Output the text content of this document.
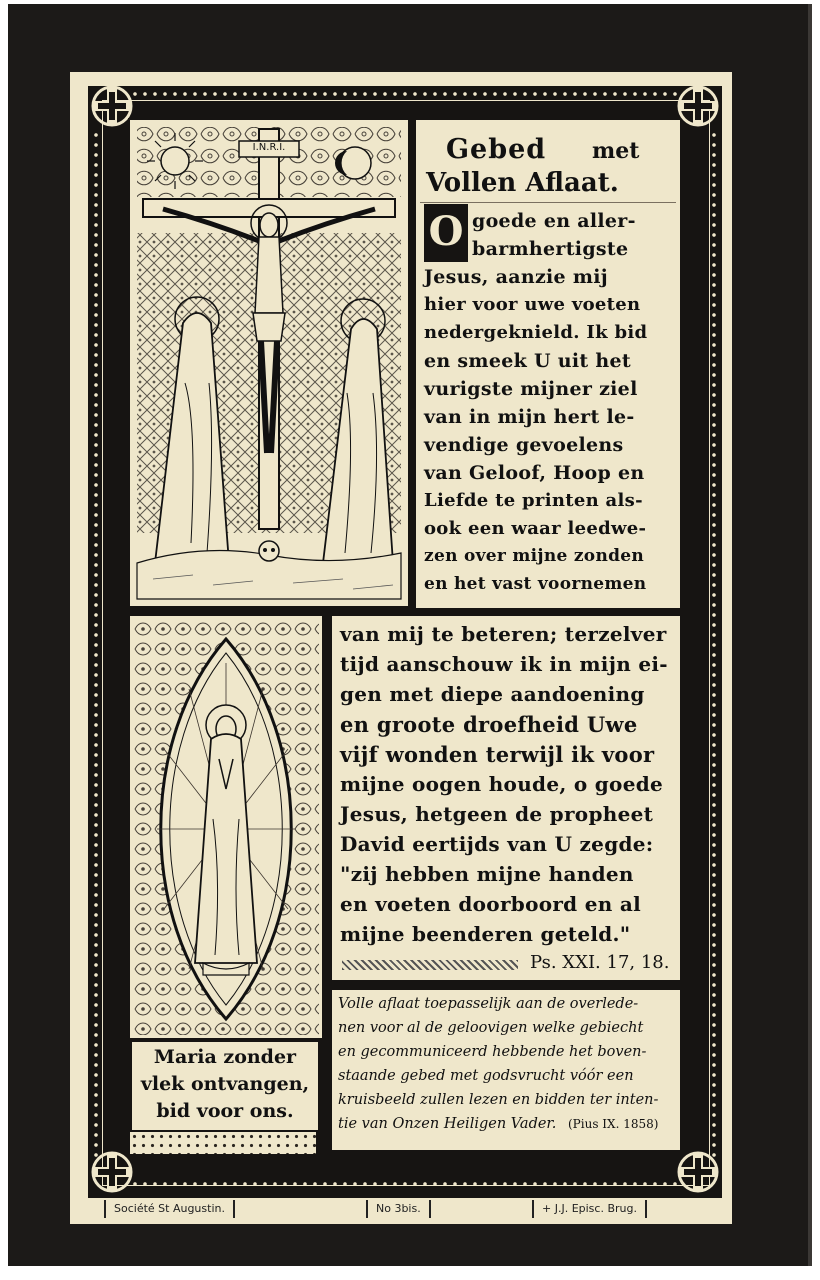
I.N.R.I.
Maria zonder
vlek ontvangen,
bid voor ons.
Gebed met
Vollen Aflaat.
O goede en aller-
barmhertigste
Jesus, aanzie mij
hier voor uwe voeten
nedergeknield. Ik bid
en smeek U uit het
vurigste mijner ziel
van in mijn hert le-
vendige gevoelens
van Geloof, Hoop en
Liefde te printen als-
ook een waar leedwe-
zen over mijne zonden
en het vast voornemen
van mij te beteren; terzelver
tijd aanschouw ik in mijn ei-
gen met diepe aandoening
en groote droefheid Uwe
vijf wonden terwijl ik voor
mijne oogen houde, o goede
Jesus, hetgeen de propheet
David eertijds van U zegde:
"zij hebben mijne handen
en voeten doorboord en al
mijne beenderen geteld."
Ps. XXI. 17, 18.
Volle aflaat toepasselijk aan de overlede-
nen voor al de geloovigen welke gebiecht
en gecommuniceerd hebbende het boven-
staande gebed met godsvrucht vóór een
kruisbeeld zullen lezen en bidden ter inten-
tie van Onzen Heiligen Vader. (Pius IX. 1858)
Société St Augustin.	No 3bis.	+ J.J. Episc. Brug.
